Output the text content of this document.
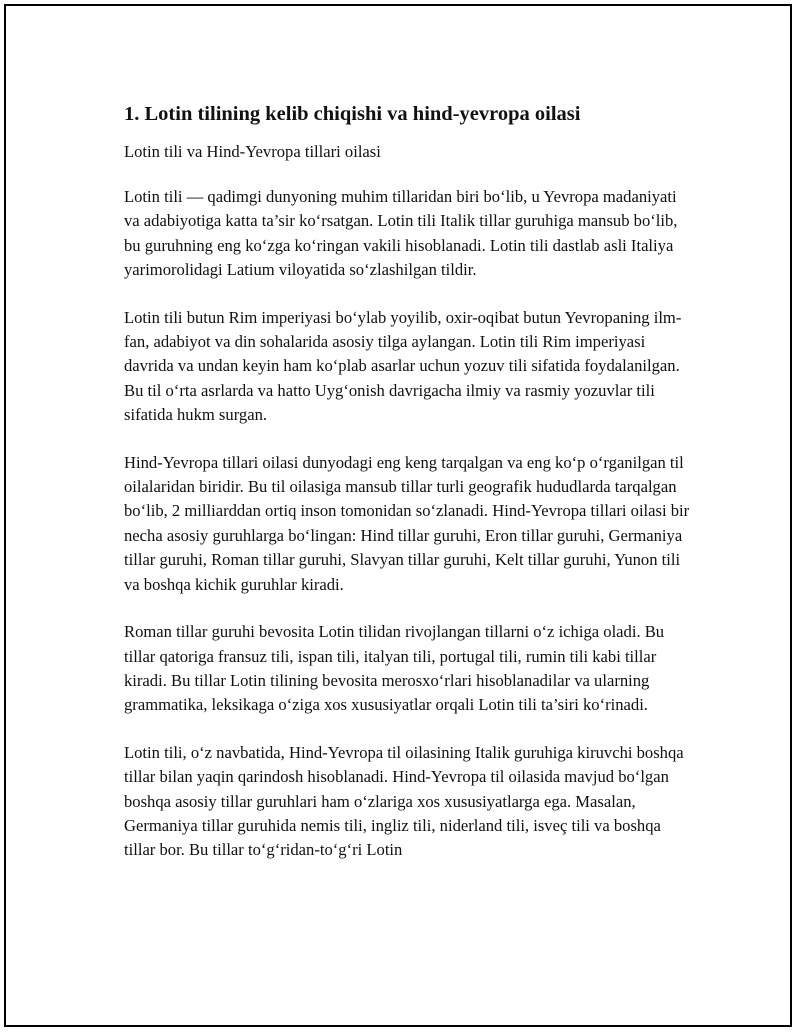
1. Lotin tilining kelib chiqishi va hind-yevropa oilasi
Lotin tili va Hind-Yevropa tillari oilasi

Lotin tili — qadimgi dunyoning muhim tillaridan biri bo‘lib, u Yevropa madaniyati va adabiyotiga katta ta’sir ko‘rsatgan. Lotin tili Italik tillar guruhiga mansub bo‘lib, bu guruhning eng ko‘zga ko‘ringan vakili hisoblanadi. Lotin tili dastlab asli Italiya yarimorolidagi Latium viloyatida so‘zlashilgan tildir.

Lotin tili butun Rim imperiyasi bo‘ylab yoyilib, oxir-oqibat butun Yevropaning ilm-fan, adabiyot va din sohalarida asosiy tilga aylangan. Lotin tili Rim imperiyasi davrida va undan keyin ham ko‘plab asarlar uchun yozuv tili sifatida foydalanilgan. Bu til o‘rta asrlarda va hatto Uyg‘onish davrigacha ilmiy va rasmiy yozuvlar tili sifatida hukm surgan.

Hind-Yevropa tillari oilasi dunyodagi eng keng tarqalgan va eng ko‘p o‘rganilgan til oilalaridan biridir. Bu til oilasiga mansub tillar turli geografik hududlarda tarqalgan bo‘lib, 2 milliarddan ortiq inson tomonidan so‘zlanadi. Hind-Yevropa tillari oilasi bir necha asosiy guruhlarga bo‘lingan: Hind tillar guruhi, Eron tillar guruhi, Germaniya tillar guruhi, Roman tillar guruhi, Slavyan tillar guruhi, Kelt tillar guruhi, Yunon tili va boshqa kichik guruhlar kiradi.

Roman tillar guruhi bevosita Lotin tilidan rivojlangan tillarni o‘z ichiga oladi. Bu tillar qatoriga fransuz tili, ispan tili, italyan tili, portugal tili, rumin tili kabi tillar kiradi. Bu tillar Lotin tilining bevosita merosxo‘rlari hisoblanadilar va ularning grammatika, leksikaga o‘ziga xos xususiyatlar orqali Lotin tili ta’siri ko‘rinadi.

Lotin tili, o‘z navbatida, Hind-Yevropa til oilasining Italik guruhiga kiruvchi boshqa tillar bilan yaqin qarindosh hisoblanadi. Hind-Yevropa til oilasida mavjud bo‘lgan boshqa asosiy tillar guruhlari ham o‘zlariga xos xususiyatlarga ega. Masalan, Germaniya tillar guruhida nemis tili, ingliz tili, niderland tili, isveç tili va boshqa tillar bor. Bu tillar to‘g‘ridan-to‘g‘ri Lotin
